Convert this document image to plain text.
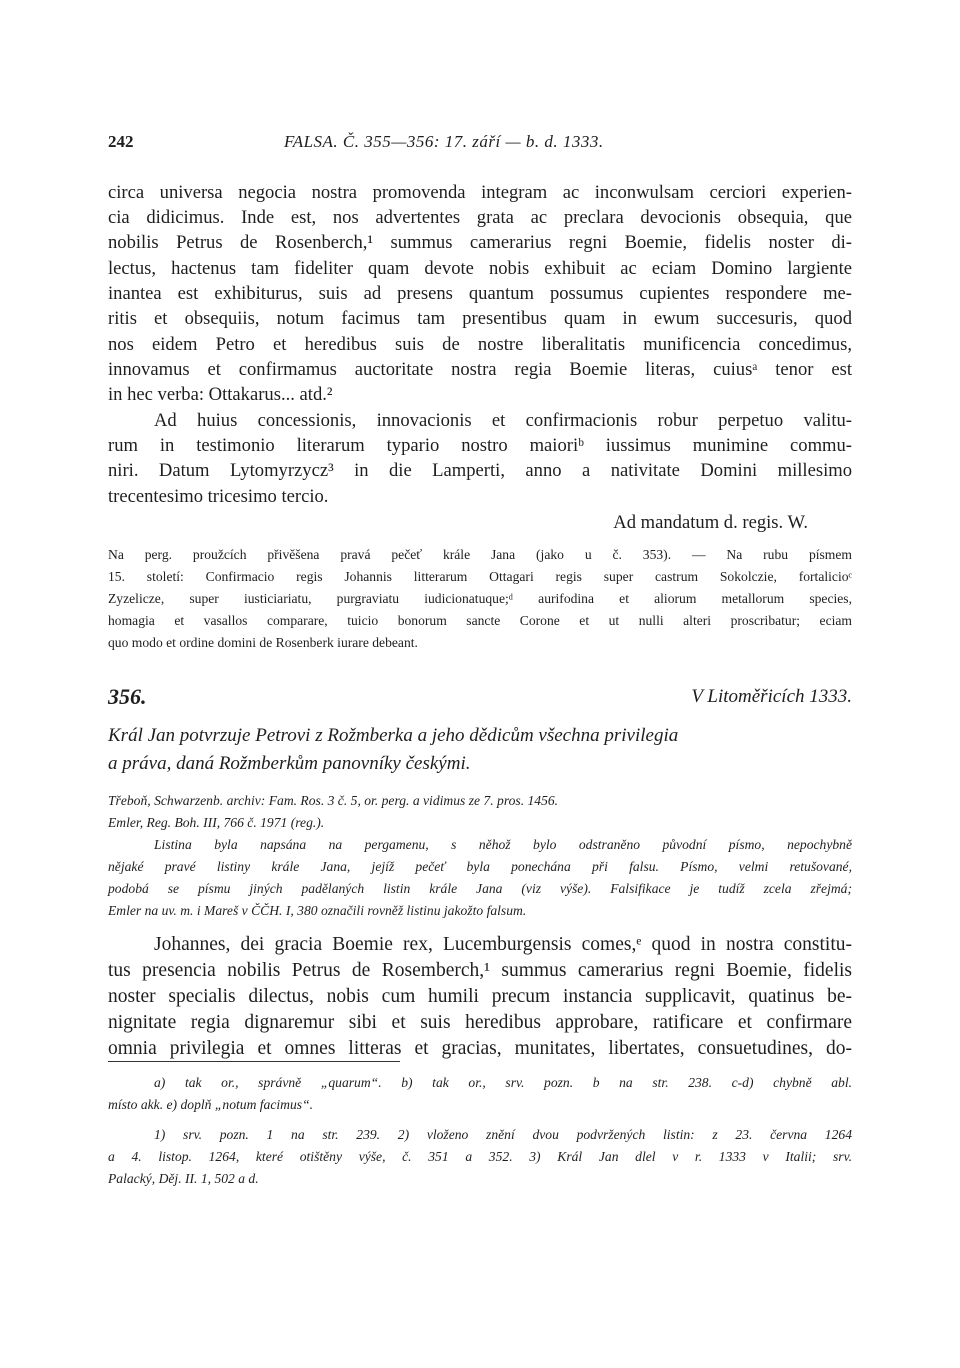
242	FALSA. Č. 355—356: 17. září — b. d. 1333.
circa universa negocia nostra promovenda integram ac inconwulsam cerciori experien-
cia didicimus. Inde est, nos advertentes grata ac preclara devocionis obsequia, que
nobilis Petrus de Rosenberch,¹ summus camerarius regni Boemie, fidelis noster di-
lectus, hactenus tam fideliter quam devote nobis exhibuit ac eciam Domino largiente
inantea est exhibiturus, suis ad presens quantum possumus cupientes respondere me-
ritis et obsequiis, notum facimus tam presentibus quam in ewum succesuris, quod
nos eidem Petro et heredibus suis de nostre liberalitatis munificencia concedimus,
innovamus et confirmamus auctoritate nostra regia Boemie literas, cuiusᵃ tenor est
in hec verba: Ottakarus... atd.²
Ad huius concessionis, innovacionis et confirmacionis robur perpetuo valitu-
rum in testimonio literarum typario nostro maioriᵇ iussimus munimine commu-
niri. Datum Lytomyrzycz³ in die Lamperti, anno a nativitate Domini millesimo
trecentesimo tricesimo tercio.
Ad mandatum d. regis. W.
Na perg. proužcích přivěšena pravá pečeť krále Jana (jako u č. 353). — Na rubu písmem
15. století: Confirmacio regis Johannis litterarum Ottagari regis super castrum Sokolczie, fortalicioᶜ
Zyzelicze, super iusticiariatu, purgraviatu iudicionatuque;ᵈ aurifodina et aliorum metallorum species,
homagia et vasallos comparare, tuicio bonorum sancte Corone et ut nulli alteri proscribatur; eciam
quo modo et ordine domini de Rosenberk iurare debeant.
356.	V Litoměřicích 1333.
Král Jan potvrzuje Petrovi z Rožmberka a jeho dědicům všechna privilegia
a práva, daná Rožmberkům panovníky českými.
Třeboň, Schwarzenb. archiv: Fam. Ros. 3 č. 5, or. perg. a vidimus ze 7. pros. 1456.
Emler, Reg. Boh. III, 766 č. 1971 (reg.).
Listina byla napsána na pergamenu, s něhož bylo odstraněno původní písmo, nepochybně
nějaké pravé listiny krále Jana, jejíž pečeť byla ponechána při falsu. Písmo, velmi retušované,
podobá se písmu jiných padělaných listin krále Jana (viz výše). Falsifikace je tudíž zcela zřejmá;
Emler na uv. m. i Mareš v ČČH. I, 380 označili rovněž listinu jakožto falsum.
Johannes, dei gracia Boemie rex, Lucemburgensis comes,ᵉ quod in nostra constitu-
tus presencia nobilis Petrus de Rosemberch,¹ summus camerarius regni Boemie, fidelis
noster specialis dilectus, nobis cum humili precum instancia supplicavit, quatinus be-
nignitate regia dignaremur sibi et suis heredibus approbare, ratificare et confirmare
omnia privilegia et omnes litteras et gracias, munitates, libertates, consuetudines, do-
a) tak or., správně „quarum“. b) tak or., srv. pozn. b na str. 238. c-d) chybně abl.
místo akk. e) doplň „notum facimus“.
1) srv. pozn. 1 na str. 239. 2) vloženo znění dvou podvržených listin: z 23. června 1264
a 4. listop. 1264, které otištěny výše, č. 351 a 352. 3) Král Jan dlel v r. 1333 v Italii; srv.
Palacký, Děj. II. 1, 502 a d.
